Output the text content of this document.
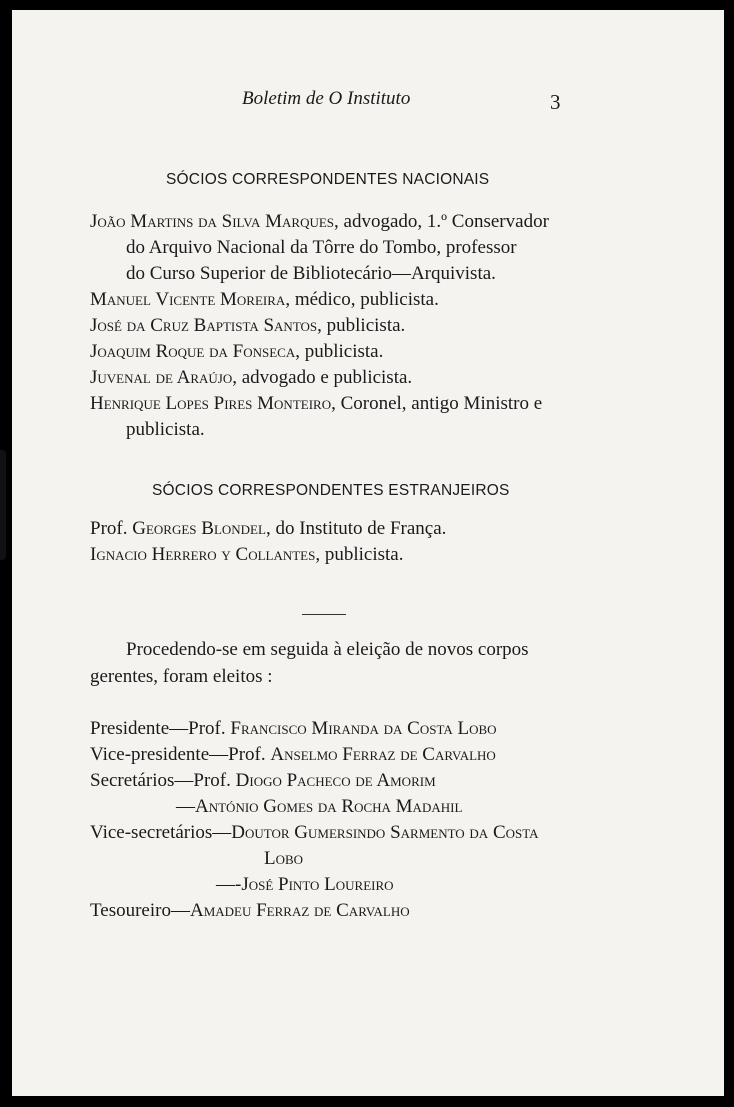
Boletim de O Instituto	3
SÓCIOS CORRESPONDENTES NACIONAIS
João Martins da Silva Marques, advogado, 1.º Conservador
do Arquivo Nacional da Tôrre do Tombo, professor
do Curso Superior de Bibliotecário—Arquivista.
Manuel Vicente Moreira, médico, publicista.
José da Cruz Baptista Santos, publicista.
Joaquim Roque da Fonseca, publicista.
Juvenal de Araújo, advogado e publicista.
Henrique Lopes Pires Monteiro, Coronel, antigo Ministro e
publicista.
SÓCIOS CORRESPONDENTES ESTRANJEIROS
Prof. Georges Blondel, do Instituto de França.
Ignacio Herrero y Collantes, publicista.
Procedendo-se em seguida à eleição de novos corpos
gerentes, foram eleitos :
Presidente—Prof. Francisco Miranda da Costa Lobo
Vice-presidente—Prof. Anselmo Ferraz de Carvalho
Secretários—Prof. Diogo Pacheco de Amorim
—António Gomes da Rocha Madahil
Vice-secretários—Doutor Gumersindo Sarmento da Costa
Lobo
—-José Pinto Loureiro
Tesoureiro—Amadeu Ferraz de Carvalho
